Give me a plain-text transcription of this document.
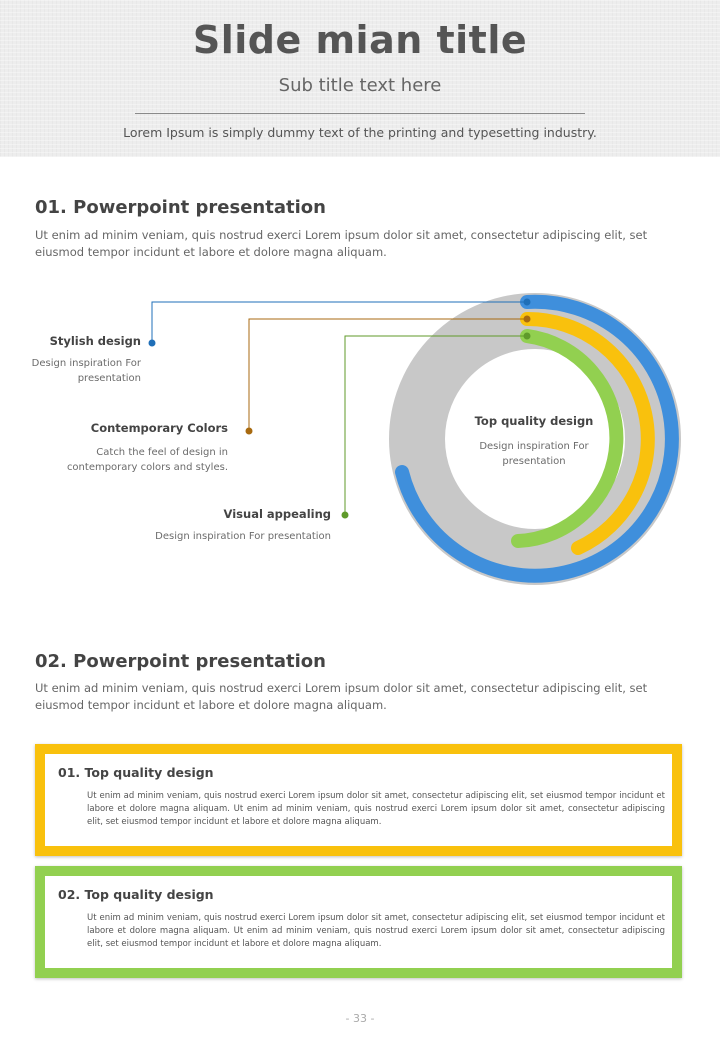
Slide mian title
Sub title text here
Lorem Ipsum is simply dummy text of the printing and typesetting industry.
01. Powerpoint presentation
Ut enim ad minim veniam, quis nostrud exerci Lorem ipsum dolor sit amet, consectetur adipiscing elit, set eiusmod tempor incidunt et labore et dolore magna aliquam.
Stylish design
Design inspiration For presentation
Contemporary Colors
Catch the feel of design in contemporary colors and styles.
Visual appealing
Design inspiration For presentation
Top quality design
Design inspiration For presentation
02. Powerpoint presentation
Ut enim ad minim veniam, quis nostrud exerci Lorem ipsum dolor sit amet, consectetur adipiscing elit, set eiusmod tempor incidunt et labore et dolore magna aliquam.
01. Top quality design
Ut enim ad minim veniam, quis nostrud exerci Lorem ipsum dolor sit amet, consectetur adipiscing elit, set eiusmod tempor incidunt et labore et dolore magna aliquam. Ut enim ad minim veniam, quis nostrud exerci Lorem ipsum dolor sit amet, consectetur adipiscing elit, set eiusmod tempor incidunt et labore et dolore magna aliquam.
02. Top quality design
Ut enim ad minim veniam, quis nostrud exerci Lorem ipsum dolor sit amet, consectetur adipiscing elit, set eiusmod tempor incidunt et labore et dolore magna aliquam. Ut enim ad minim veniam, quis nostrud exerci Lorem ipsum dolor sit amet, consectetur adipiscing elit, set eiusmod tempor incidunt et labore et dolore magna aliquam.
- 33 -
